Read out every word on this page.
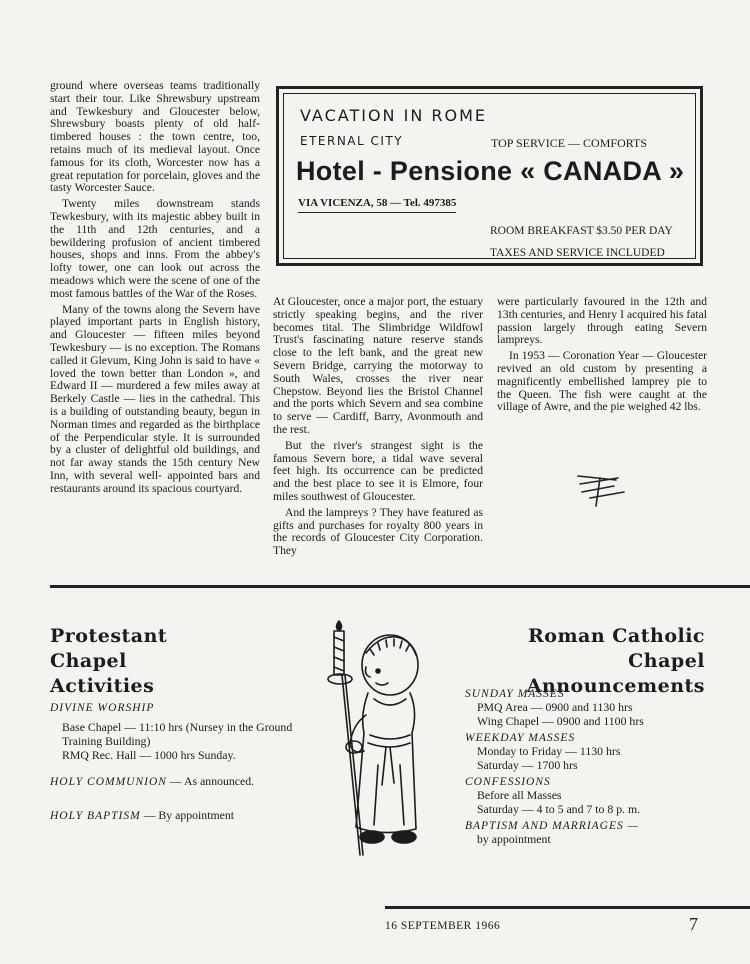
ground where overseas teams traditionally start their tour. Like Shrewsbury upstream and Tewkesbury and Gloucester below, Shrewsbury boasts plenty of old half- timbered houses : the town centre, too, retains much of its medieval layout. Once famous for its cloth, Worcester now has a great reputation for porcelain, gloves and the tasty Worcester Sauce.

Twenty miles downstream stands Tewkesbury, with its majestic abbey built in the 11th and 12th centuries, and a bewildering profusion of ancient timbered houses, shops and inns. From the abbey's lofty tower, one can look out across the meadows which were the scene of one of the most famous battles of the War of the Roses.

Many of the towns along the Severn have played important parts in English history, and Gloucester — fifteen miles beyond Tewkesbury — is no exception. The Romans called it Glevum, King John is said to have « loved the town better than London », and Edward II — murdered a few miles away at Berkely Castle — lies in the cathedral. This is a building of outstanding beauty, begun in Norman times and regarded as the birthplace of the Perpendicular style. It is surrounded by a cluster of delightful old buildings, and not far away stands the 15th century New Inn, with several well- appointed bars and restaurants around its spacious courtyard.

VACATION IN ROME
ETERNAL CITY	TOP SERVICE — COMFORTS
Hotel - Pensione « CANADA »
VIA VICENZA, 58 — Tel. 497385
ROOM BREAKFAST $3.50 PER DAY
TAXES AND SERVICE INCLUDED

At Gloucester, once a major port, the estuary strictly speaking begins, and the river becomes tital. The Slimbridge Wildfowl Trust's fascinating nature reserve stands close to the left bank, and the great new Severn Bridge, carrying the motorway to South Wales, crosses the river near Chepstow. Beyond lies the Bristol Channel and the ports which Severn and sea combine to serve — Cardiff, Barry, Avonmouth and the rest.

But the river's strangest sight is the famous Severn bore, a tidal wave several feet high. Its occurrence can be predicted and the best place to see it is Elmore, four miles southwest of Gloucester.

And the lampreys ? They have featured as gifts and purchases for royalty 800 years in the records of Gloucester City Corporation. They

were particularly favoured in the 12th and 13th centuries, and Henry I acquired his fatal passion largely through eating Severn lampreys.

In 1953 — Coronation Year — Gloucester revived an old custom by presenting a magnificently embellished lamprey pie to the Queen. The fish were caught at the village of Awre, and the pie weighed 42 lbs.

Protestant Chapel
Activities
DIVINE WORSHIP
Base Chapel — 11:10 hrs (Nursey in the Ground Training Building)
RMQ Rec. Hall — 1000 hrs Sunday.
HOLY COMMUNION — As announced.
HOLY BAPTISM — By appointment
Roman Catholic Chapel
Announcements
SUNDAY MASSES
PMQ Area — 0900 and 1130 hrs
Wing Chapel — 0900 and 1100 hrs
WEEKDAY MASSES
Monday to Friday — 1130 hrs
Saturday — 1700 hrs
CONFESSIONS
Before all Masses
Saturday — 4 to 5 and 7 to 8 p. m.
BAPTISM AND MARRIAGES —
by appointment
16 SEPTEMBER 1966	7
